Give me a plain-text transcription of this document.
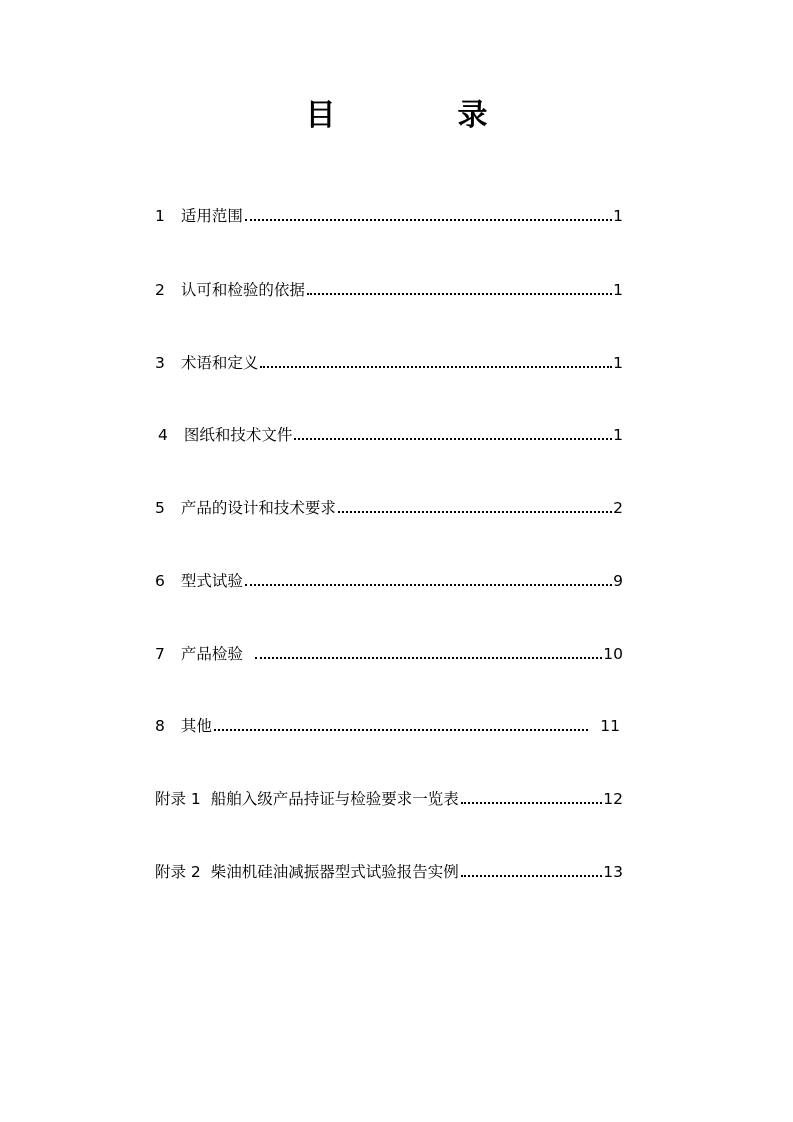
目　录
1 适用范围	1
2 认可和检验的依据	1
3 术语和定义	1
4 图纸和技术文件	1
5 产品的设计和技术要求	2
6 型式试验	9
7 产品检验	10
8 其他	11
附录 1 船舶入级产品持证与检验要求一览表	12
附录 2 柴油机硅油减振器型式试验报告实例	13
